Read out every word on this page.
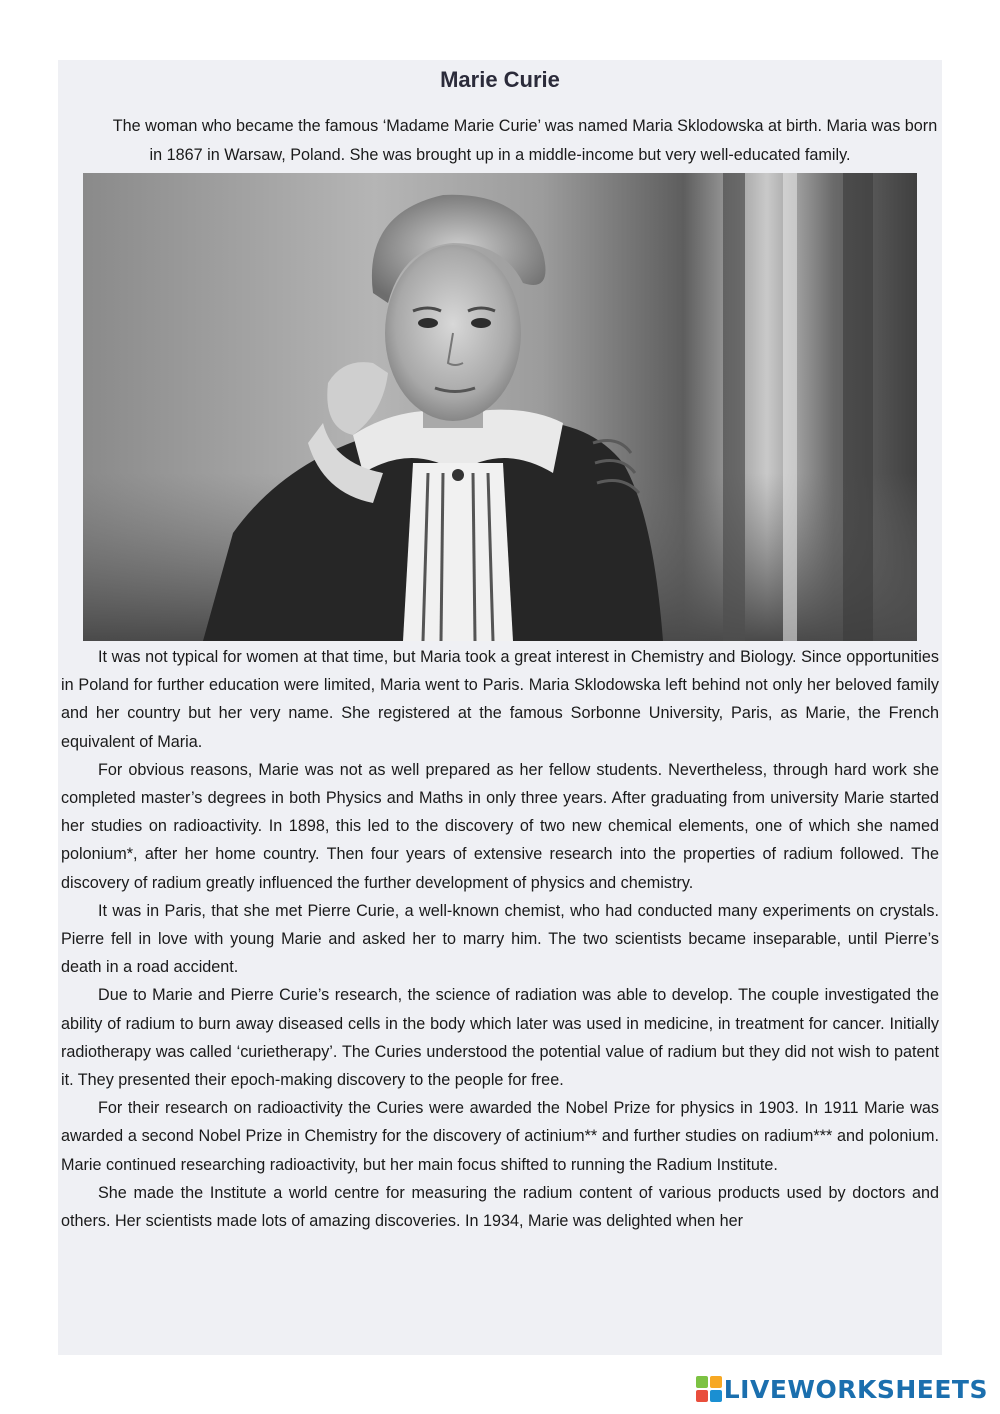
Marie Curie
The woman who became the famous ‘Madame Marie Curie’ was named Maria Sklodowska at birth. Maria was born in 1867 in Warsaw, Poland. She was brought up in a middle-income but very well-educated family.

It was not typical for women at that time, but Maria took a great interest in Chemistry and Biology. Since opportunities in Poland for further education were limited, Maria went to Paris. Maria Sklodowska left behind not only her beloved family and her country but her very name. She registered at the famous Sorbonne University, Paris, as Marie, the French equivalent of Maria.

For obvious reasons, Marie was not as well prepared as her fellow students. Nevertheless, through hard work she completed master’s degrees in both Physics and Maths in only three years. After graduating from university Marie started her studies on radioactivity. In 1898, this led to the discovery of two new chemical elements, one of which she named polonium*, after her home country. Then four years of extensive research into the properties of radium followed. The discovery of radium greatly influenced the further development of physics and chemistry.

It was in Paris, that she met Pierre Curie, a well-known chemist, who had conducted many experiments on crystals. Pierre fell in love with young Marie and asked her to marry him. The two scientists became inseparable, until Pierre’s death in a road accident.

Due to Marie and Pierre Curie’s research, the science of radiation was able to develop. The couple investigated the ability of radium to burn away diseased cells in the body which later was used in medicine, in treatment for cancer. Initially radiotherapy was called ‘curietherapy’. The Curies understood the potential value of radium but they did not wish to patent it. They presented their epoch-making discovery to the people for free.

For their research on radioactivity the Curies were awarded the Nobel Prize for physics in 1903. In 1911 Marie was awarded a second Nobel Prize in Chemistry for the discovery of actinium** and further studies on radium*** and polonium. Marie continued researching radioactivity, but her main focus shifted to running the Radium Institute.

She made the Institute a world centre for measuring the radium content of various products used by doctors and others. Her scientists made lots of amazing discoveries. In 1934, Marie was delighted when her

LIVEWORKSHEETS
